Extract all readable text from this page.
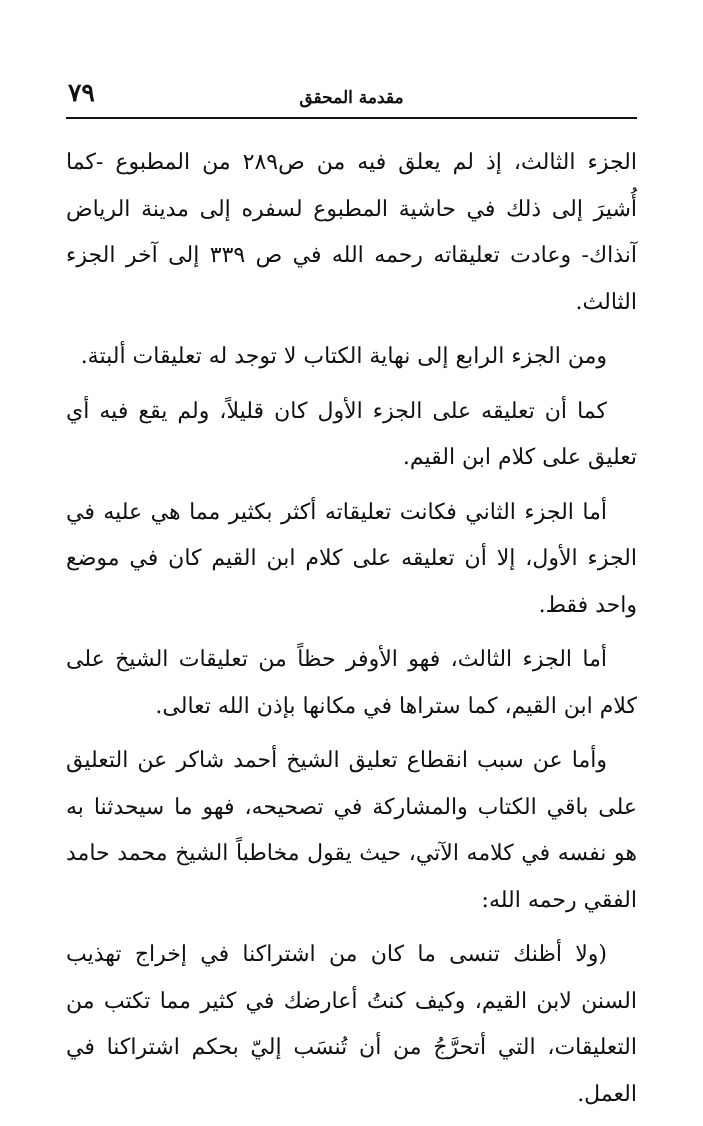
٧٩	مقدمة المحقق

الجزء الثالث، إذ لم يعلق فيه من ص٢٨٩ من المطبوع -كما أُشيرَ إلى ذلك في حاشية المطبوع لسفره إلى مدينة الرياض آنذاك- وعادت تعليقاته رحمه الله في ص ٣٣٩ إلى آخر الجزء الثالث.

ومن الجزء الرابع إلى نهاية الكتاب لا توجد له تعليقات ألبتة.

كما أن تعليقه على الجزء الأول كان قليلاً، ولم يقع فيه أي تعليق على كلام ابن القيم.

أما الجزء الثاني فكانت تعليقاته أكثر بكثير مما هي عليه في الجزء الأول، إلا أن تعليقه على كلام ابن القيم كان في موضع واحد فقط.

أما الجزء الثالث، فهو الأوفر حظاً من تعليقات الشيخ على كلام ابن القيم، كما ستراها في مكانها بإذن الله تعالى.

وأما عن سبب انقطاع تعليق الشيخ أحمد شاكر عن التعليق على باقي الكتاب والمشاركة في تصحيحه، فهو ما سيحدثنا به هو نفسه في كلامه الآتي، حيث يقول مخاطباً الشيخ محمد حامد الفقي رحمه الله:

(ولا أظنك تنسى ما كان من اشتراكنا في إخراج تهذيب السنن لابن القيم، وكيف كنتُ أعارضك في كثير مما تكتب من التعليقات، التي أتحرَّجُ من أن تُنسَب إليّ بحكم اشتراكنا في العمل.
